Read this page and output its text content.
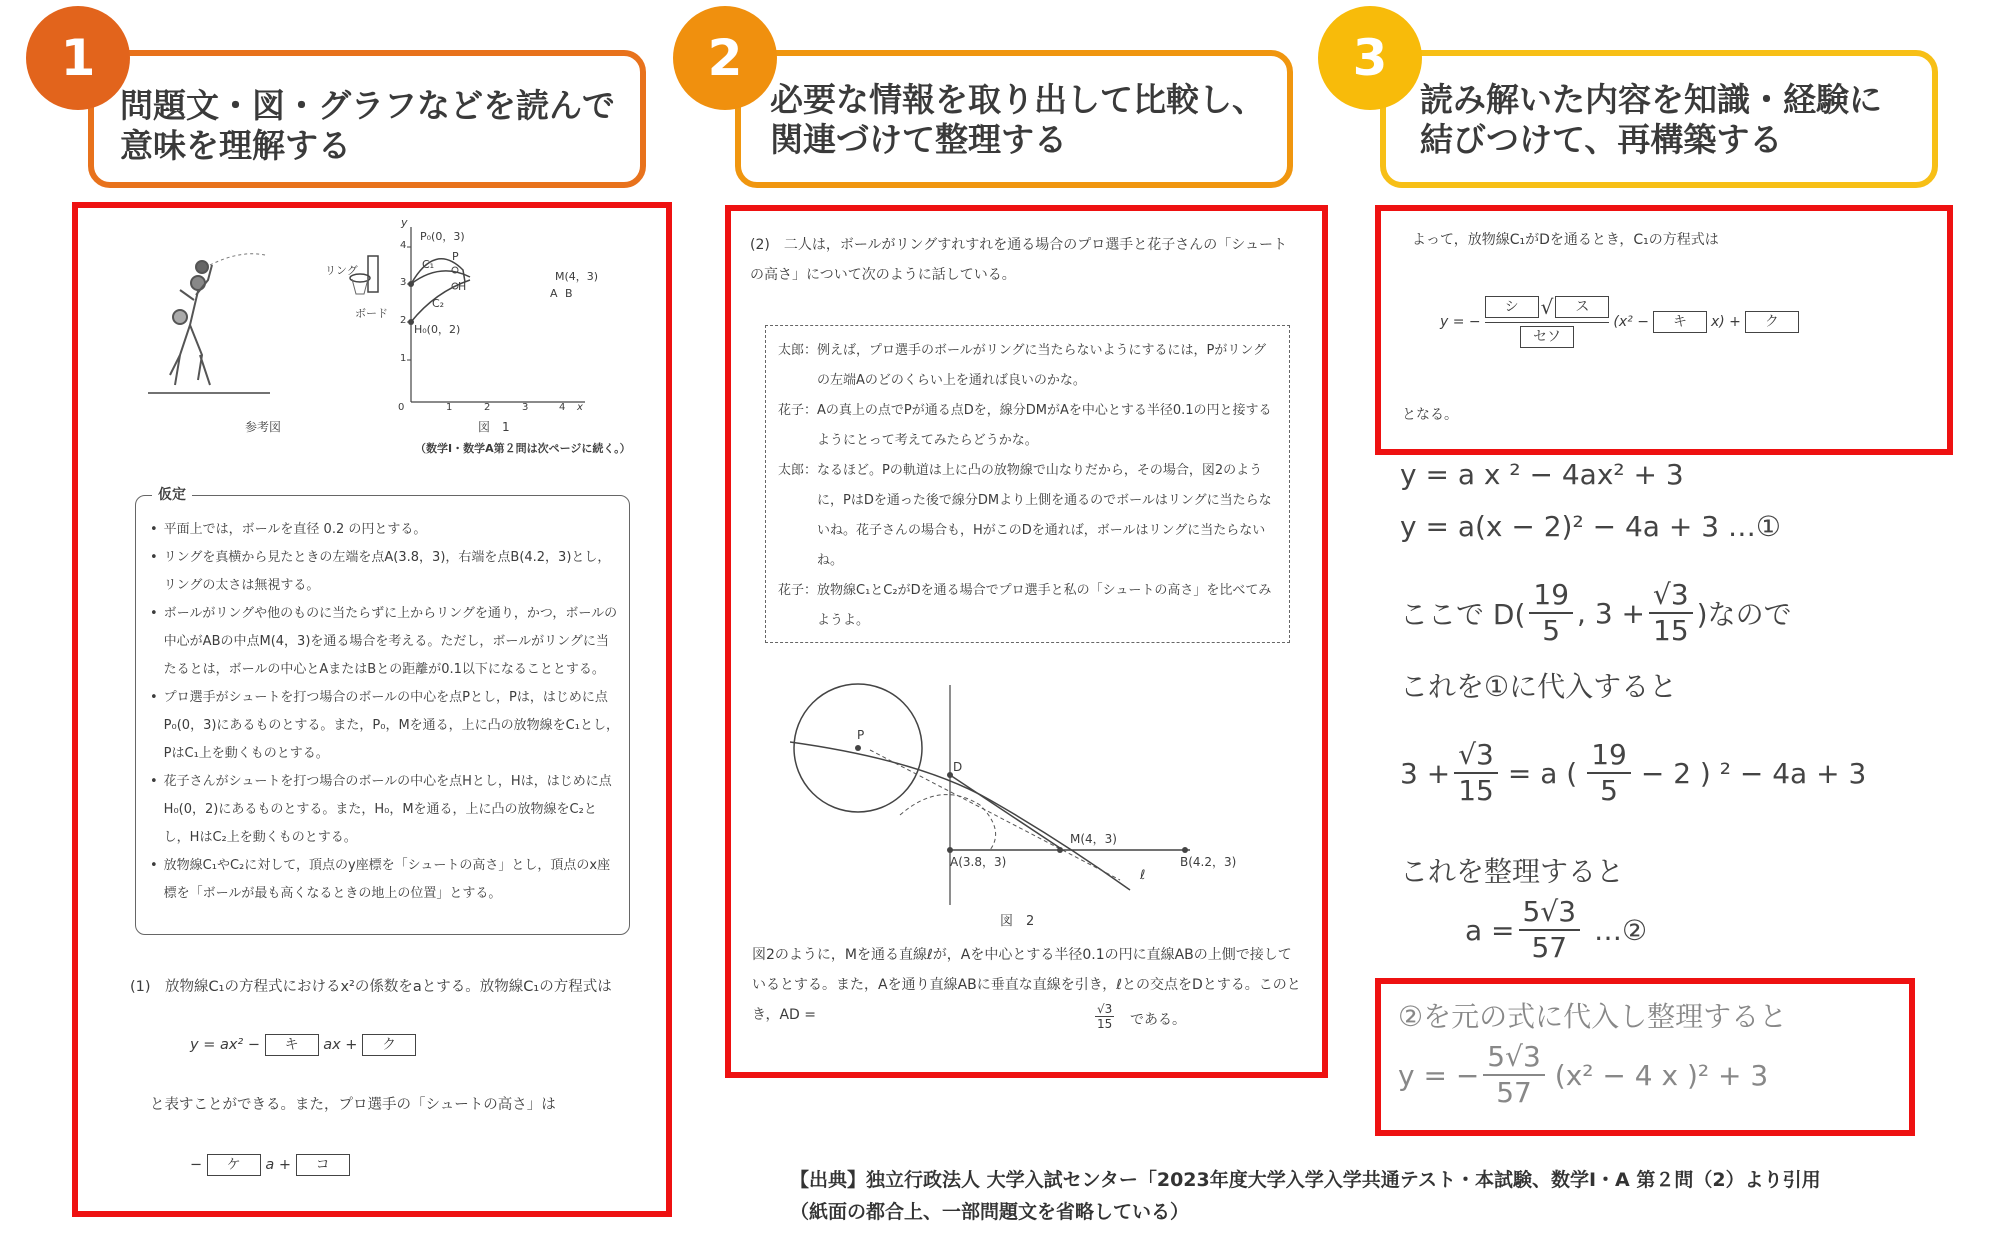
問題文・図・グラフなどを読んで
意味を理解する
1
必要な情報を取り出して比較し、
関連づけて整理する
2
読み解いた内容を知識・経験に
結びつけて、再構築する
3
参考図
リング
ボード
y
P₀(0，3)
C₁
P
H
C₂
H₀(0，2)
4
3
2
1
0	1	2	3	4 x
M(4，3)
A B
図　1
（数学Ⅰ・数学A第２問は次ページに続く。）
• 平面上では，ボールを直径 0.2 の円とする。
• リングを真横から見たときの左端を点A(3.8，3)，右端を点B(4.2，3)とし，リングの太さは無視する。
• ボールがリングや他のものに当たらずに上からリングを通り，かつ，ボールの中心がABの中点M(4，3)を通る場合を考える。ただし，ボールがリングに当たるとは，ボールの中心とAまたはBとの距離が0.1以下になることとする。
• プロ選手がシュートを打つ場合のボールの中心を点Pとし，Pは，はじめに点P₀(0，3)にあるものとする。また，P₀，Mを通る，上に凸の放物線をC₁とし，PはC₁上を動くものとする。
• 花子さんがシュートを打つ場合のボールの中心を点Hとし，Hは，はじめに点H₀(0，2)にあるものとする。また，H₀，Mを通る，上に凸の放物線をC₂とし，HはC₂上を動くものとする。
• 放物線C₁やC₂に対して，頂点のy座標を「シュートの高さ」とし，頂点のx座標を「ボールが最も高くなるときの地上の位置」とする。
仮定
(1)　放物線C₁の方程式におけるx²の係数をaとする。放物線C₁の方程式は
y = ax² − キ ax + ク
と表すことができる。また，プロ選手の「シュートの高さ」は
− ケ a + コ
(2)　二人は，ボールがリングすれすれを通る場合のプロ選手と花子さんの「シュートの高さ」について次のように話している。
太郎： 例えば，プロ選手のボールがリングに当たらないようにするには，Pがリングの左端Aのどのくらい上を通れば良いのかな。
花子： Aの真上の点でPが通る点Dを，線分DMがAを中心とする半径0.1の円と接するようにとって考えてみたらどうかな。
太郎： なるほど。Pの軌道は上に凸の放物線で山なりだから，その場合，図2のように，PはDを通った後で線分DMより上側を通るのでボールはリングに当たらないね。花子さんの場合も，HがこのDを通れば，ボールはリングに当たらないね。
花子： 放物線C₁とC₂がDを通る場合でプロ選手と私の「シュートの高さ」を比べてみようよ。
P
D
M(4，3)
A(3.8，3)	B(4.2，3)
ℓ
図　2
図2のように，Mを通る直線ℓが，Aを中心とする半径0.1の円に直線ABの上側で接しているとする。また，Aを通り直線ABに垂直な直線を引き，ℓとの交点をDとする。このとき，AD =	$\frac{√3}{15}$ である。
よって，放物線C₁がDを通るとき，C₁の方程式は
y = −
シ	√	ス
セソ
(x² −	キ	x) +	ク
となる。
y = a x ² − 4ax² + 3
y = a(x − 2)² − 4a + 3 …①
ここで $D( \frac{19}{5}$ , $3 + \frac{√3}{15}$ )なので
これを①に代入すると
$3 + \frac{√3}{15} = a$ ( $\frac{19}{5} - 2$ ) ² − 4a + 3
これを整理すると
$a = \frac{5√3}{57}$ …②
②を元の式に代入し整理すると
y = − $\frac{5√3}{57} (x^2 - 4$ x )² + 3
【出典】独立行政法人 大学入試センター「2023年度大学入学入学共通テスト・本試験、数学Ⅰ・A 第２問（2）より引用
（紙面の都合上、一部問題文を省略している）
